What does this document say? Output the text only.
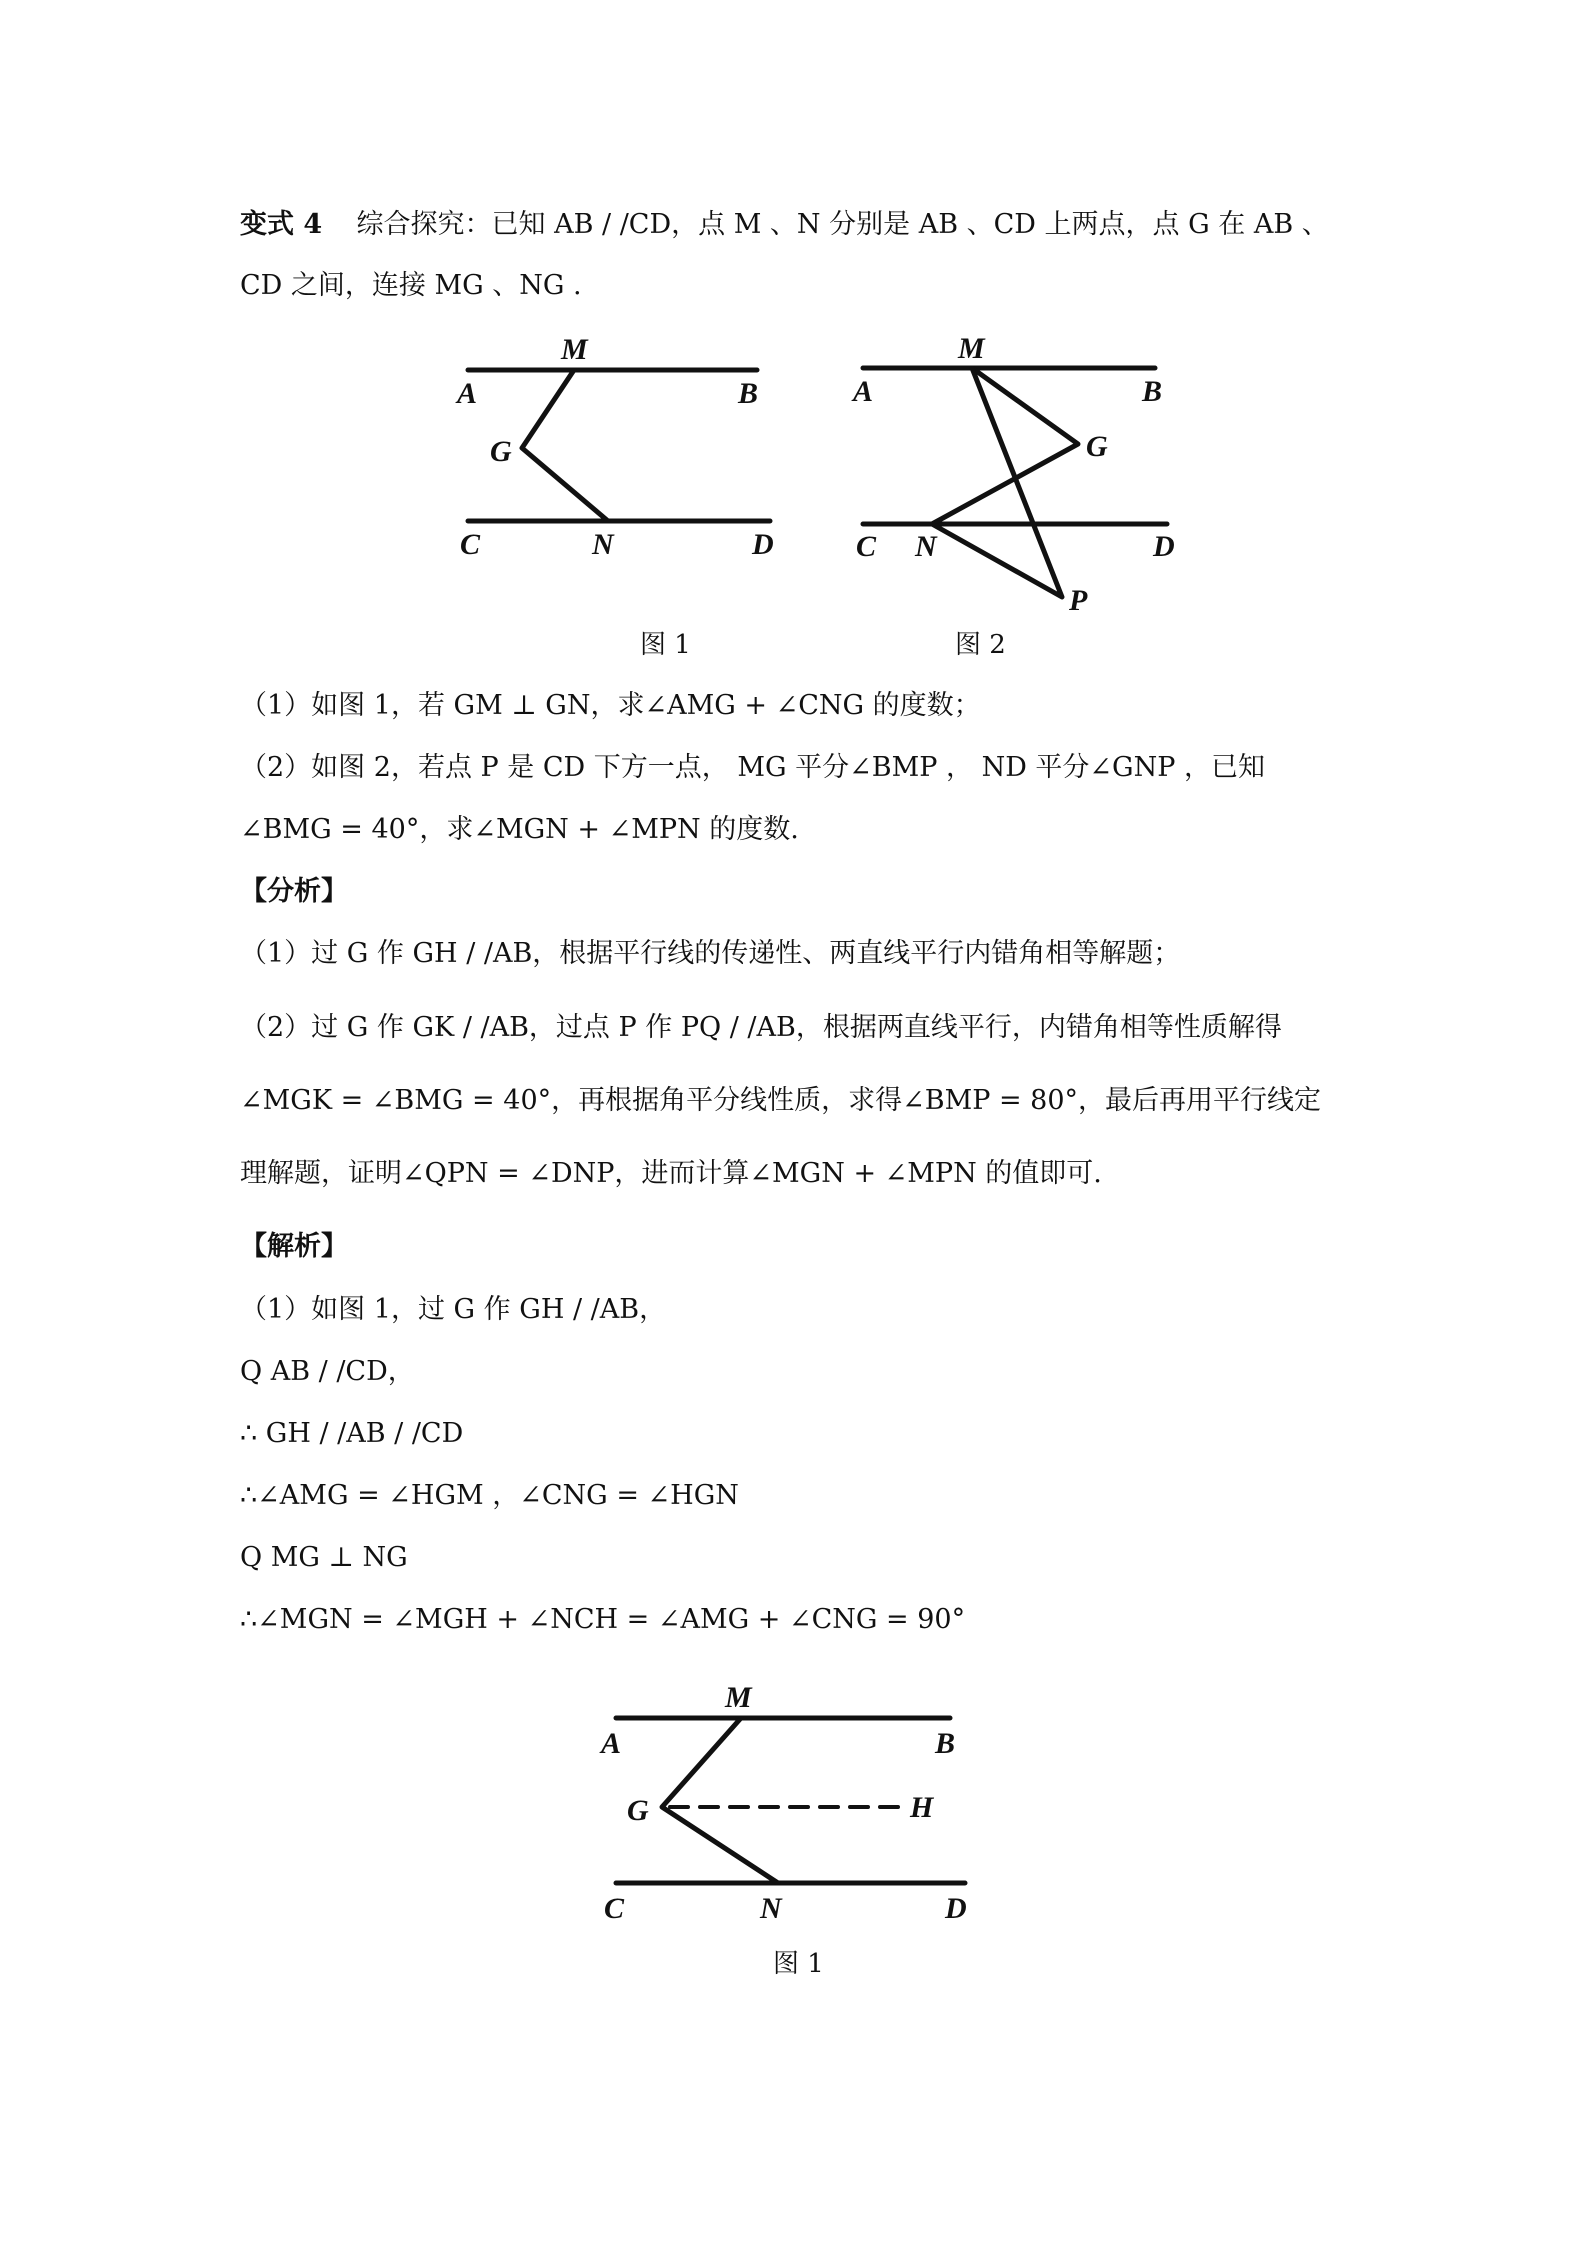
变式 4 综合探究：已知 AB / /CD，点 M 、N 分别是 AB 、CD 上两点，点 G 在 AB 、
CD 之间，连接 MG 、NG .
M
A	B
G
C	N	D
M
A	B
G
C N	D
P
M
A	B
G	H
C	N	D
图 1	图 2
（1）如图 1，若 GM ⊥ GN，求∠AMG + ∠CNG 的度数；
（2）如图 2，若点 P 是 CD 下方一点， MG 平分∠BMP ， ND 平分∠GNP ，已知
∠BMG = 40°，求∠MGN + ∠MPN 的度数.
【分析】
（1）过 G 作 GH / /AB，根据平行线的传递性、两直线平行内错角相等解题；
（2）过 G 作 GK / /AB，过点 P 作 PQ / /AB，根据两直线平行，内错角相等性质解得
∠MGK = ∠BMG = 40°，再根据角平分线性质，求得∠BMP = 80°，最后再用平行线定
理解题，证明∠QPN = ∠DNP，进而计算∠MGN + ∠MPN 的值即可.
【解析】
（1）如图 1，过 G 作 GH / /AB，
Q AB / /CD，
∴ GH / /AB / /CD
∴∠AMG = ∠HGM ，∠CNG = ∠HGN
Q MG ⊥ NG
∴∠MGN = ∠MGH + ∠NCH = ∠AMG + ∠CNG = 90°
图 1
